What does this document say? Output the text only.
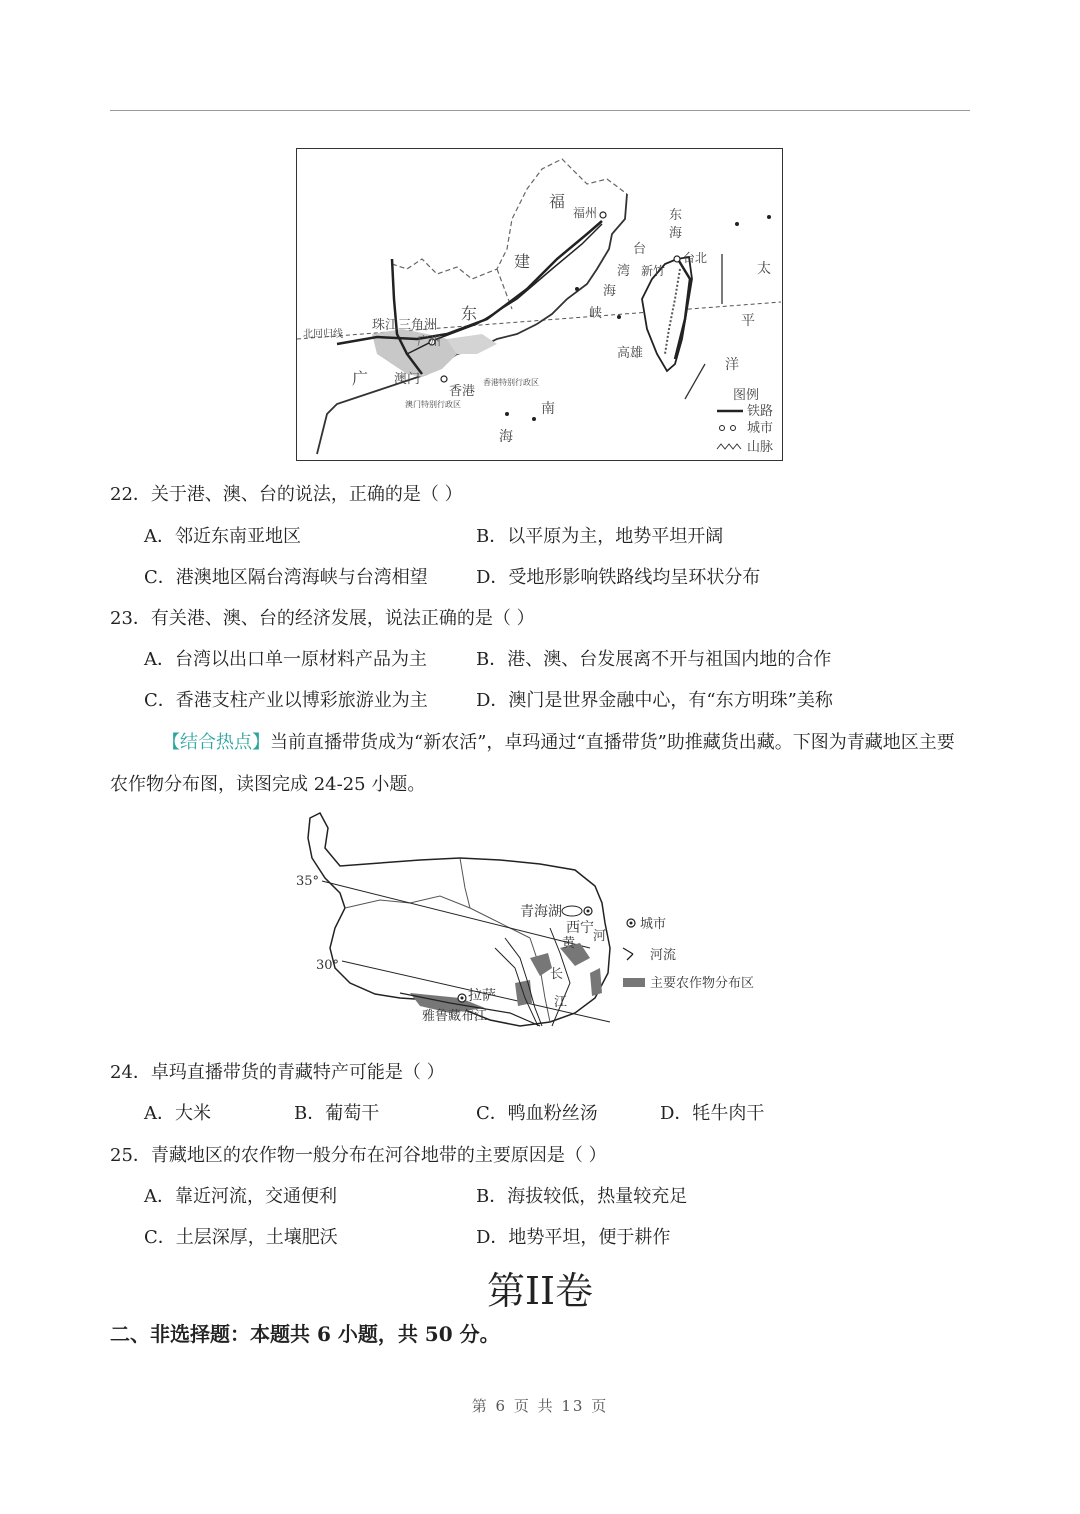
福
福州
建
东
海
台
湾
海
峡
台北
新竹	太
平
洋
东
广
珠江三角洲
广州
北回归线
澳门
香港
香港特别行政区
澳门特别行政区
高雄
南
海
图例
铁路
城市
山脉
22．关于港、澳、台的说法，正确的是（ ）
A．邻近东南亚地区	B．以平原为主，地势平坦开阔
C．港澳地区隔台湾海峡与台湾相望	D．受地形影响铁路线均呈环状分布
23．有关港、澳、台的经济发展，说法正确的是（ ）
A．台湾以出口单一原材料产品为主	B．港、澳、台发展离不开与祖国内地的合作
C．香港支柱产业以博彩旅游业为主	D．澳门是世界金融中心，有“东方明珠”美称
【结合热点】当前直播带货成为“新农活”，卓玛通过“直播带货”助推藏货出藏。下图为青藏地区主要
农作物分布图，读图完成 24-25 小题。
35°
30°
青海湖
西宁
黄 河
长
江
拉萨
雅鲁藏布江
城市
河流
主要农作物分布区
24．卓玛直播带货的青藏特产可能是（ ）
A．大米	B．葡萄干	C．鸭血粉丝汤	D．牦牛肉干
25．青藏地区的农作物一般分布在河谷地带的主要原因是（ ）
A．靠近河流，交通便利	B．海拔较低，热量较充足
C．土层深厚，土壤肥沃	D．地势平坦，便于耕作
第II卷
二、非选择题：本题共 6 小题，共 50 分。
第 6 页 共 13 页
